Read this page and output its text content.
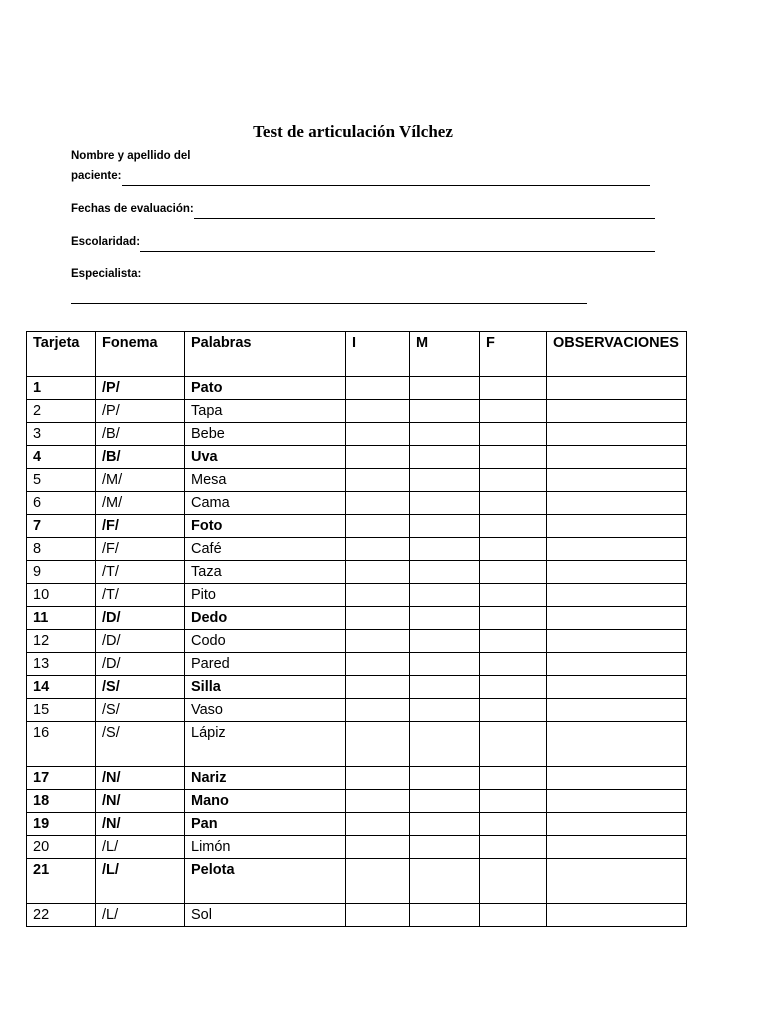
Test de articulación Vílchez
Nombre y apellido del
paciente:
Fechas de evaluación:
Escolaridad:
Especialista:
Tarjeta	Fonema	Palabras	I	M	F	OBSERVACIONES
1	/P/	Pato				
2	/P/	Tapa				
3	/B/	Bebe				
4	/B/	Uva				
5	/M/	Mesa				
6	/M/	Cama				
7	/F/	Foto				
8	/F/	Café				
9	/T/	Taza				
10	/T/	Pito				
11	/D/	Dedo				
12	/D/	Codo				
13	/D/	Pared				
14	/S/	Silla				
15	/S/	Vaso				
16	/S/	Lápiz				
17	/N/	Nariz				
18	/N/	Mano				
19	/N/	Pan				
20	/L/	Limón				
21	/L/	Pelota				
22	/L/	Sol				
